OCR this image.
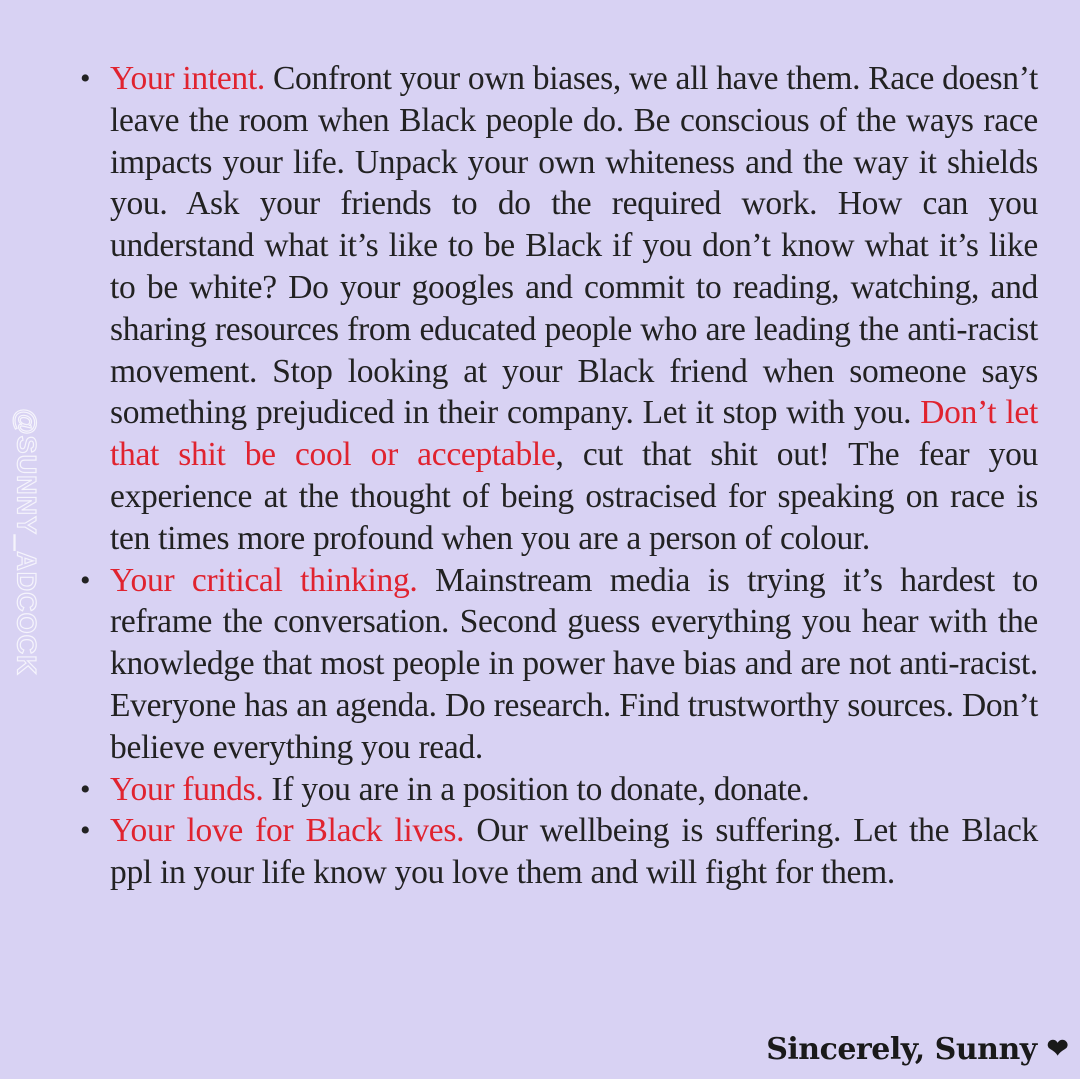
@SUNNY_ADCOCK
• Your intent. Confront your own biases, we all have them. Race doesn’t leave the room when Black people do. Be conscious of the ways race impacts your life. Unpack your own whiteness and the way it shields you. Ask your friends to do the required work. How can you understand what it’s like to be Black if you don’t know what it’s like to be white? Do your googles and commit to reading, watching, and sharing resources from educated people who are leading the anti-racist movement. Stop looking at your Black friend when someone says something prejudiced in their company. Let it stop with you. Don’t let that shit be cool or acceptable, cut that shit out! The fear you experience at the thought of being ostracised for speaking on race is ten times more profound when you are a person of colour.
• Your critical thinking. Mainstream media is trying it’s hardest to reframe the conversation. Second guess everything you hear with the knowledge that most people in power have bias and are not anti-racist. Everyone has an agenda. Do research. Find trustworthy sources. Don’t believe everything you read.
• Your funds. If you are in a position to donate, donate.
• Your love for Black lives. Our wellbeing is suffering. Let the Black ppl in your life know you love them and will fight for them.
Sincerely, Sunny ❤
